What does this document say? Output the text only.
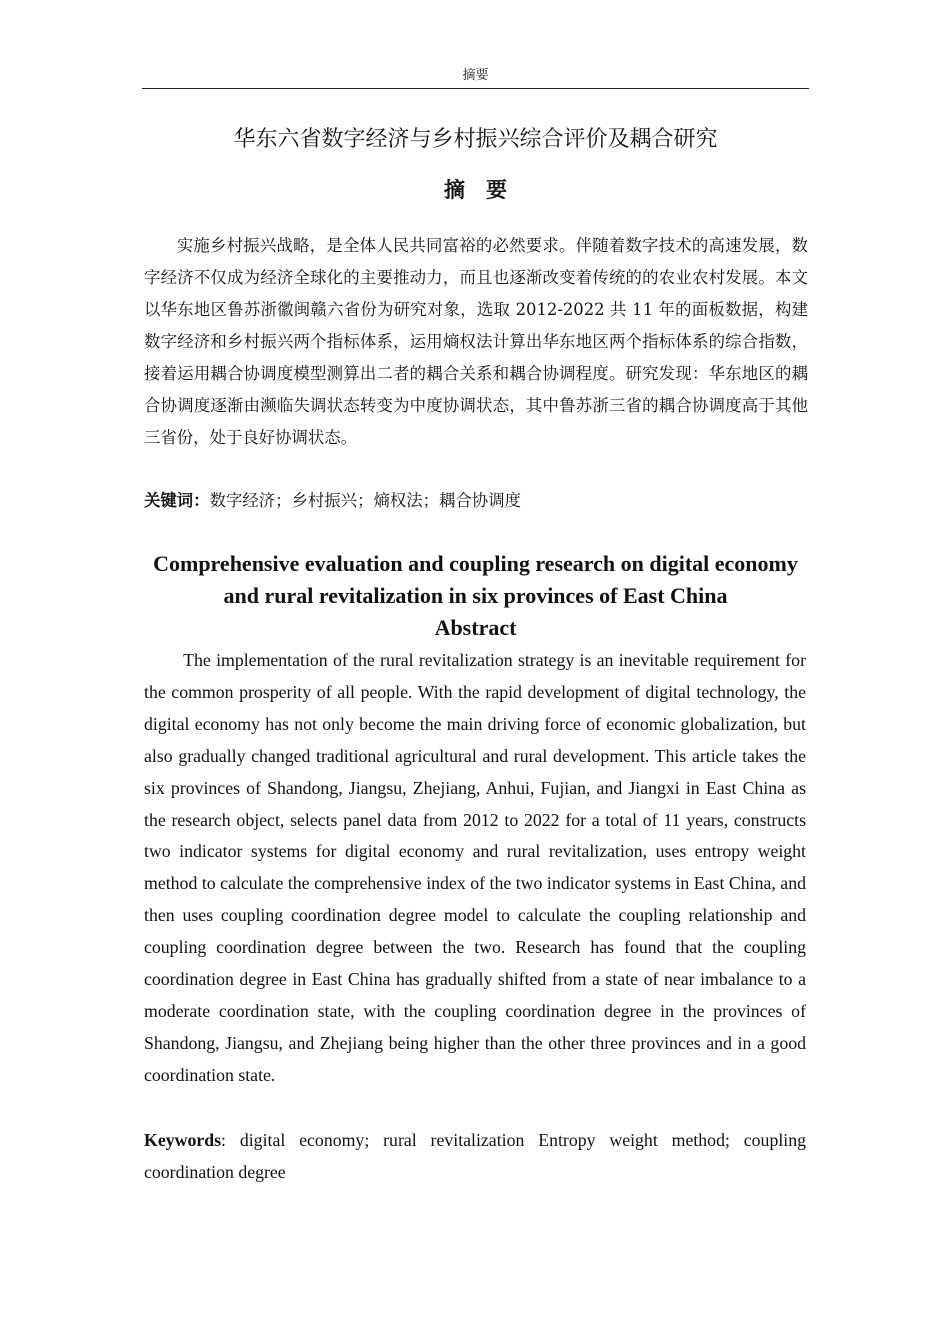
摘要
华东六省数字经济与乡村振兴综合评价及耦合研究
摘　要

实施乡村振兴战略，是全体人民共同富裕的必然要求。伴随着数字技术的高速发展，数字经济不仅成为经济全球化的主要推动力，而且也逐渐改变着传统的的农业农村发展。本文以华东地区鲁苏浙徽闽赣六省份为研究对象，选取 2012-2022 共 11 年的面板数据，构建数字经济和乡村振兴两个指标体系，运用熵权法计算出华东地区两个指标体系的综合指数，接着运用耦合协调度模型测算出二者的耦合关系和耦合协调程度。研究发现：华东地区的耦合协调度逐渐由濒临失调状态转变为中度协调状态，其中鲁苏浙三省的耦合协调度高于其他三省份，处于良好协调状态。

关键词：数字经济；乡村振兴；熵权法；耦合协调度

Comprehensive evaluation and coupling research on digital economy and rural revitalization in six provinces of East China
Abstract

The implementation of the rural revitalization strategy is an inevitable requirement for the common prosperity of all people. With the rapid development of digital technology, the digital economy has not only become the main driving force of economic globalization, but also gradually changed traditional agricultural and rural development. This article takes the six provinces of Shandong, Jiangsu, Zhejiang, Anhui, Fujian, and Jiangxi in East China as the research object, selects panel data from 2012 to 2022 for a total of 11 years, constructs two indicator systems for digital economy and rural revitalization, uses entropy weight method to calculate the comprehensive index of the two indicator systems in East China, and then uses coupling coordination degree model to calculate the coupling relationship and coupling coordination degree between the two. Research has found that the coupling coordination degree in East China has gradually shifted from a state of near imbalance to a moderate coordination state, with the coupling coordination degree in the provinces of Shandong, Jiangsu, and Zhejiang being higher than the other three provinces and in a good coordination state.

Keywords: digital economy; rural revitalization Entropy weight method; coupling coordination degree
